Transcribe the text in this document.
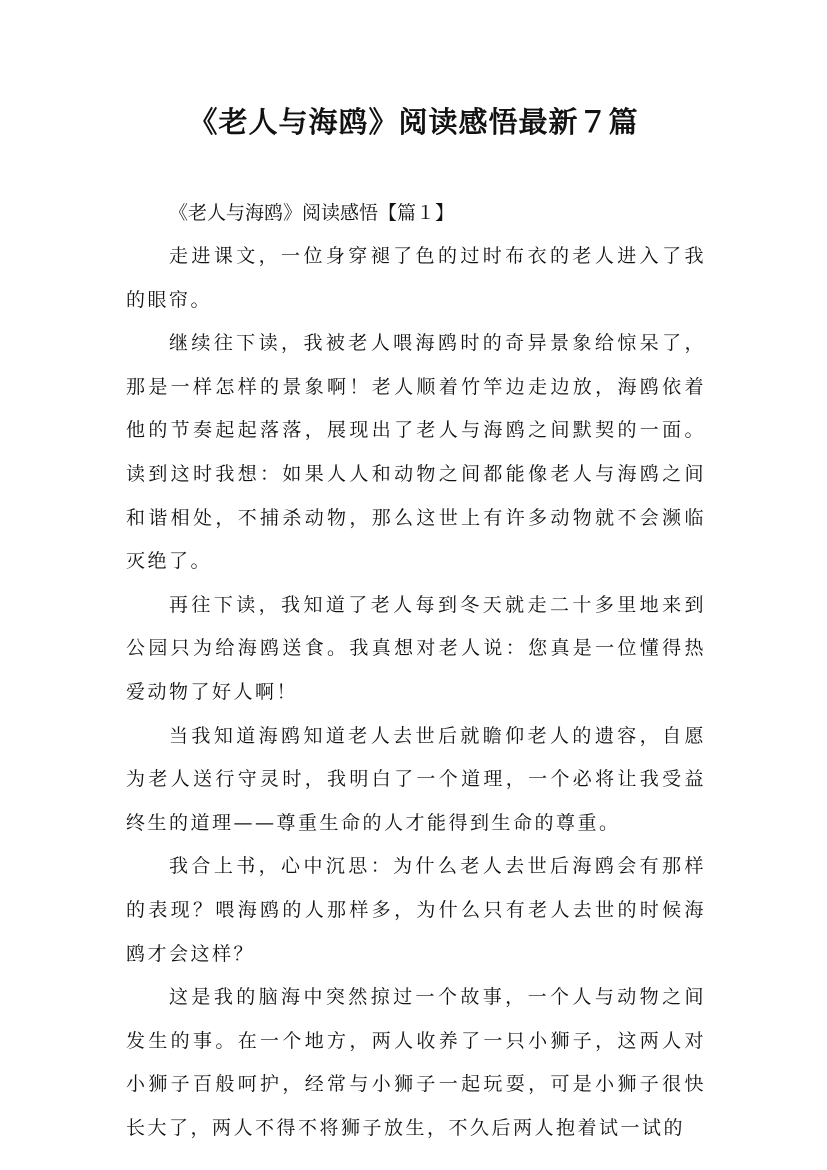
《老人与海鸥》阅读感悟最新７篇

《老人与海鸥》阅读感悟【篇１】

走进课文，一位身穿褪了色的过时布衣的老人进入了我的眼帘。

继续往下读，我被老人喂海鸥时的奇异景象给惊呆了，那是一样怎样的景象啊！老人顺着竹竿边走边放，海鸥依着他的节奏起起落落，展现出了老人与海鸥之间默契的一面。读到这时我想：如果人人和动物之间都能像老人与海鸥之间和谐相处，不捕杀动物，那么这世上有许多动物就不会濒临灭绝了。

再往下读，我知道了老人每到冬天就走二十多里地来到公园只为给海鸥送食。我真想对老人说：您真是一位懂得热爱动物了好人啊！

当我知道海鸥知道老人去世后就瞻仰老人的遗容，自愿为老人送行守灵时，我明白了一个道理，一个必将让我受益终生的道理——尊重生命的人才能得到生命的尊重。

我合上书，心中沉思：为什么老人去世后海鸥会有那样的表现？喂海鸥的人那样多，为什么只有老人去世的时候海鸥才会这样？

这是我的脑海中突然掠过一个故事，一个人与动物之间发生的事。在一个地方，两人收养了一只小狮子，这两人对小狮子百般呵护，经常与小狮子一起玩耍，可是小狮子很快长大了，两人不得不将狮子放生，不久后两人抱着试一试的
